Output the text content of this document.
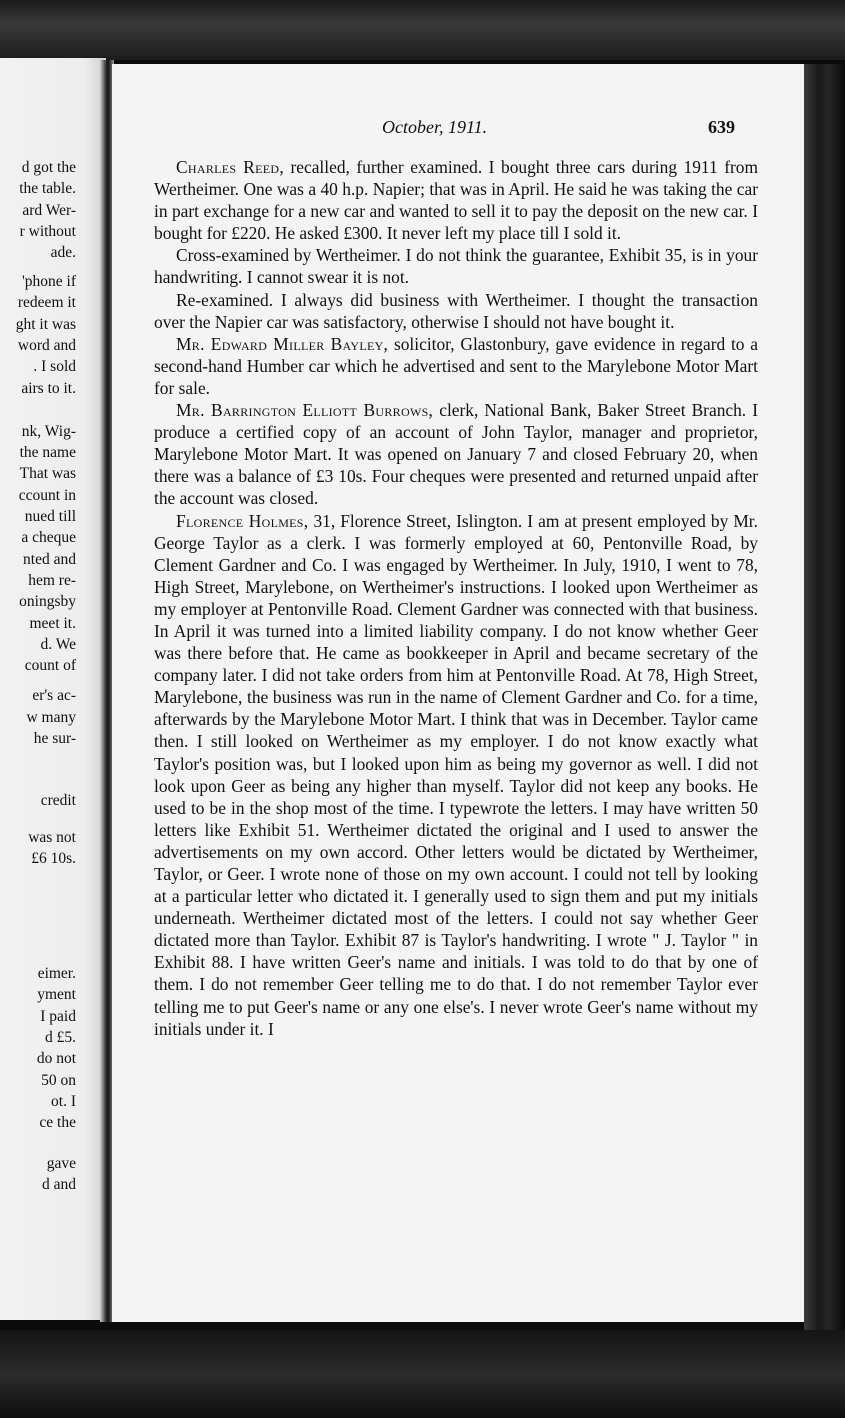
d got the
the table.
ard Wer-
r without
ade.
'phone if
redeem it
ght it was
word and
. I sold
airs to it.
nk, Wig-
the name
That was
ccount in
nued till
a cheque
nted and
hem re-
oningsby
meet it.
d. We
count of
er's ac-
w many
he sur-
credit
was not
£6 10s.
eimer.
yment
I paid
d £5.
do not
50 on
ot. I
ce the
gave
d and
October, 1911.	639

Charles Reed, recalled, further examined. I bought three cars during 1911 from Wertheimer. One was a 40 h.p. Napier; that was in April. He said he was taking the car in part exchange for a new car and wanted to sell it to pay the deposit on the new car. I bought for £220. He asked £300. It never left my place till I sold it.

Cross-examined by Wertheimer. I do not think the guarantee, Exhibit 35, is in your handwriting. I cannot swear it is not.

Re-examined. I always did business with Wertheimer. I thought the transaction over the Napier car was satisfactory, otherwise I should not have bought it.

Mr. Edward Miller Bayley, solicitor, Glastonbury, gave evidence in regard to a second-hand Humber car which he advertised and sent to the Marylebone Motor Mart for sale.

Mr. Barrington Elliott Burrows, clerk, National Bank, Baker Street Branch. I produce a certified copy of an account of John Taylor, manager and proprietor, Marylebone Motor Mart. It was opened on January 7 and closed February 20, when there was a balance of £3 10s. Four cheques were presented and returned unpaid after the account was closed.

Florence Holmes, 31, Florence Street, Islington. I am at present employed by Mr. George Taylor as a clerk. I was formerly employed at 60, Pentonville Road, by Clement Gardner and Co. I was engaged by Wertheimer. In July, 1910, I went to 78, High Street, Marylebone, on Wertheimer's instructions. I looked upon Wertheimer as my employer at Pentonville Road. Clement Gardner was connected with that business. In April it was turned into a limited liability company. I do not know whether Geer was there before that. He came as bookkeeper in April and became secretary of the company later. I did not take orders from him at Pentonville Road. At 78, High Street, Marylebone, the business was run in the name of Clement Gardner and Co. for a time, afterwards by the Marylebone Motor Mart. I think that was in December. Taylor came then. I still looked on Wertheimer as my employer. I do not know exactly what Taylor's position was, but I looked upon him as being my governor as well. I did not look upon Geer as being any higher than myself. Taylor did not keep any books. He used to be in the shop most of the time. I typewrote the letters. I may have written 50 letters like Exhibit 51. Wertheimer dictated the original and I used to answer the advertisements on my own accord. Other letters would be dictated by Wertheimer, Taylor, or Geer. I wrote none of those on my own account. I could not tell by looking at a particular letter who dictated it. I generally used to sign them and put my initials underneath. Wertheimer dictated most of the letters. I could not say whether Geer dictated more than Taylor. Exhibit 87 is Taylor's handwriting. I wrote " J. Taylor " in Exhibit 88. I have written Geer's name and initials. I was told to do that by one of them. I do not remember Geer telling me to do that. I do not remember Taylor ever telling me to put Geer's name or any one else's. I never wrote Geer's name without my initials under it. I
